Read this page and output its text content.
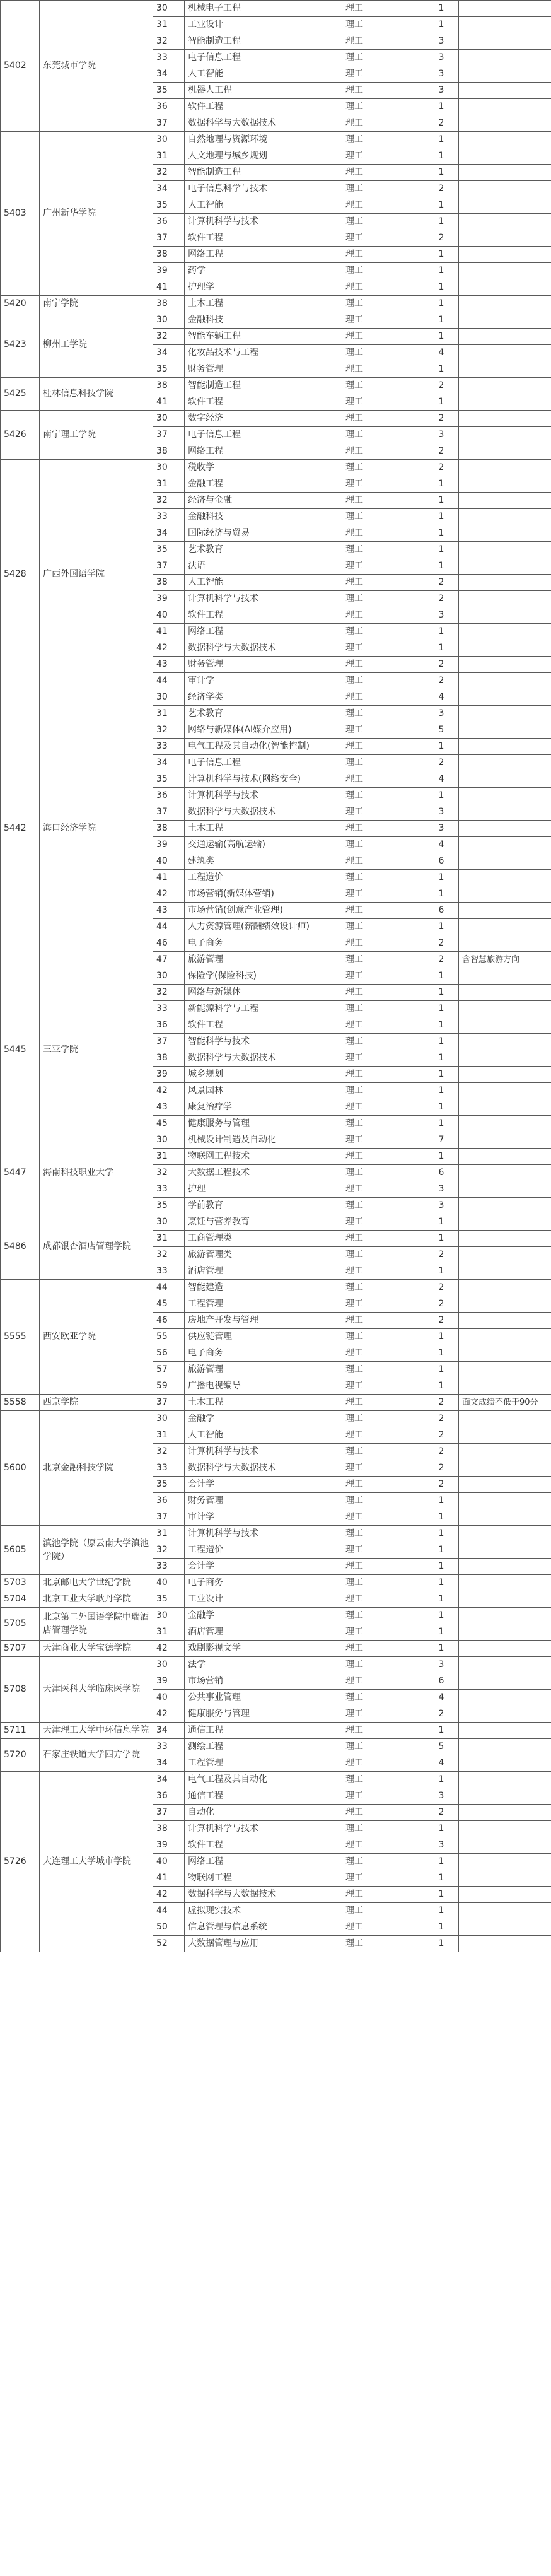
5402	东莞城市学院	30	机械电子工程	理工	1	
		31	工业设计	理工	1	
		32	智能制造工程	理工	3	
		33	电子信息工程	理工	3	
		34	人工智能	理工	3	
		35	机器人工程	理工	3	
		36	软件工程	理工	1	
		37	数据科学与大数据技术	理工	2	
5403	广州新华学院	30	自然地理与资源环境	理工	1	
		31	人文地理与城乡规划	理工	1	
		32	智能制造工程	理工	1	
		34	电子信息科学与技术	理工	2	
		35	人工智能	理工	1	
		36	计算机科学与技术	理工	1	
		37	软件工程	理工	2	
		38	网络工程	理工	1	
		39	药学	理工	1	
		41	护理学	理工	1	
5420	南宁学院	38	土木工程	理工	1	
5423	柳州工学院	30	金融科技	理工	1	
		32	智能车辆工程	理工	1	
		34	化妆品技术与工程	理工	4	
		35	财务管理	理工	1	
5425	桂林信息科技学院	38	智能制造工程	理工	2	
		41	软件工程	理工	1	
5426	南宁理工学院	30	数字经济	理工	2	
		37	电子信息工程	理工	3	
		38	网络工程	理工	2	
5428	广西外国语学院	30	税收学	理工	2	
		31	金融工程	理工	1	
		32	经济与金融	理工	1	
		33	金融科技	理工	1	
		34	国际经济与贸易	理工	1	
		35	艺术教育	理工	1	
		37	法语	理工	1	
		38	人工智能	理工	2	
		39	计算机科学与技术	理工	2	
		40	软件工程	理工	3	
		41	网络工程	理工	1	
		42	数据科学与大数据技术	理工	1	
		43	财务管理	理工	2	
		44	审计学	理工	2	
5442	海口经济学院	30	经济学类	理工	4	
		31	艺术教育	理工	3	
		32	网络与新媒体(AI媒介应用)	理工	5	
		33	电气工程及其自动化(智能控制)	理工	1	
		34	电子信息工程	理工	2	
		35	计算机科学与技术(网络安全)	理工	4	
		36	计算机科学与技术	理工	1	
		37	数据科学与大数据技术	理工	3	
		38	土木工程	理工	3	
		39	交通运输(高航运输)	理工	4	
		40	建筑类	理工	6	
		41	工程造价	理工	1	
		42	市场营销(新媒体营销)	理工	1	
		43	市场营销(创意产业管理)	理工	6	
		44	人力资源管理(薪酬绩效设计师)	理工	1	
		46	电子商务	理工	2	
		47	旅游管理	理工	2	含智慧旅游方向
5445	三亚学院	30	保险学(保险科技)	理工	1	
		32	网络与新媒体	理工	1	
		33	新能源科学与工程	理工	1	
		36	软件工程	理工	1	
		37	智能科学与技术	理工	1	
		38	数据科学与大数据技术	理工	1	
		39	城乡规划	理工	1	
		42	风景园林	理工	1	
		43	康复治疗学	理工	1	
		45	健康服务与管理	理工	1	
5447	海南科技职业大学	30	机械设计制造及自动化	理工	7	
		31	物联网工程技术	理工	1	
		32	大数据工程技术	理工	6	
		33	护理	理工	3	
		35	学前教育	理工	3	
5486	成都银杏酒店管理学院	30	烹饪与营养教育	理工	1	
		31	工商管理类	理工	1	
		32	旅游管理类	理工	2	
		33	酒店管理	理工	1	
5555	西安欧亚学院	44	智能建造	理工	2	
		45	工程管理	理工	2	
		46	房地产开发与管理	理工	2	
		55	供应链管理	理工	1	
		56	电子商务	理工	1	
		57	旅游管理	理工	1	
		59	广播电视编导	理工	1	
5558	西京学院	37	土木工程	理工	2	面文成绩不低于90分
5600	北京金融科技学院	30	金融学	理工	2	
		31	人工智能	理工	2	
		32	计算机科学与技术	理工	2	
		33	数据科学与大数据技术	理工	2	
		35	会计学	理工	2	
		36	财务管理	理工	1	
		37	审计学	理工	1	
5605	滇池学院（原云南大学滇池学院）	31	计算机科学与技术	理工	1	
		32	工程造价	理工	1	
		33	会计学	理工	1	
5703	北京邮电大学世纪学院	40	电子商务	理工	1	
5704	北京工业大学耿丹学院	35	工业设计	理工	1	
5705	北京第二外国语学院中瑞酒店管理学院	30	金融学	理工	1	
		31	酒店管理	理工	1	
5707	天津商业大学宝德学院	42	戏剧影视文学	理工	1	
5708	天津医科大学临床医学院	30	法学	理工	3	
		39	市场营销	理工	6	
		40	公共事业管理	理工	4	
		42	健康服务与管理	理工	2	
5711	天津理工大学中环信息学院	34	通信工程	理工	1	
5720	石家庄铁道大学四方学院	33	测绘工程	理工	5	
		34	工程管理	理工	4	
5726	大连理工大学城市学院	34	电气工程及其自动化	理工	1	
		36	通信工程	理工	3	
		37	自动化	理工	2	
		38	计算机科学与技术	理工	1	
		39	软件工程	理工	3	
		40	网络工程	理工	1	
		41	物联网工程	理工	1	
		42	数据科学与大数据技术	理工	1	
		44	虚拟现实技术	理工	1	
		50	信息管理与信息系统	理工	1	
		52	大数据管理与应用	理工	1	
